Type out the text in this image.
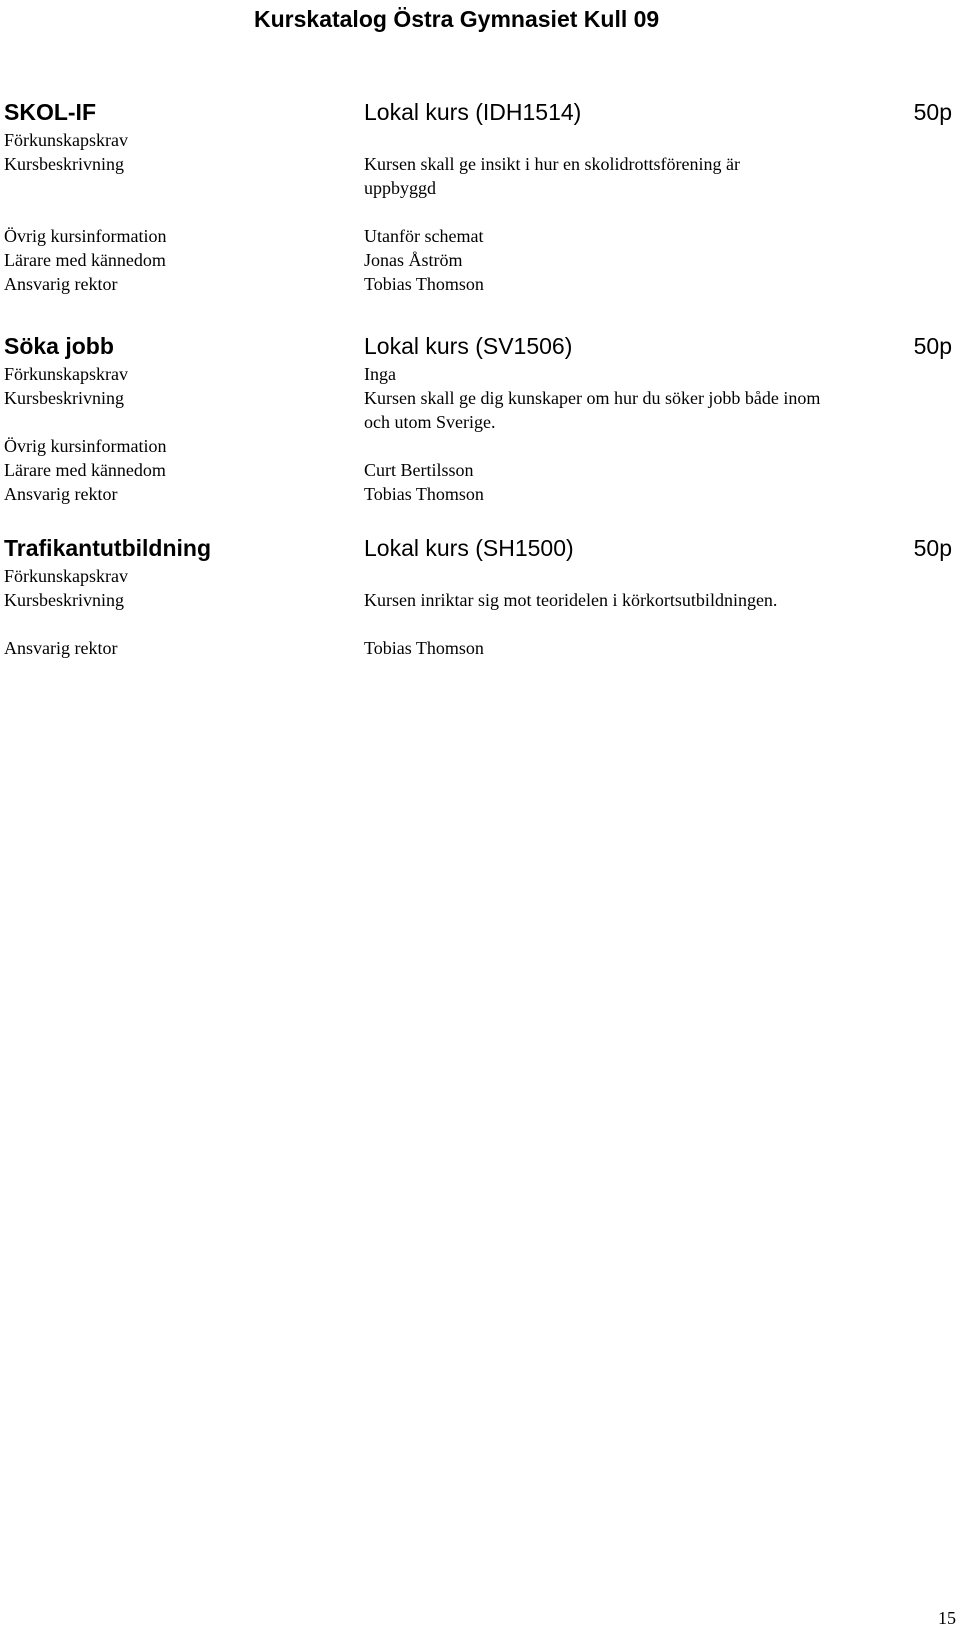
Kurskatalog Östra Gymnasiet Kull 09
SKOL-IF	Lokal kurs (IDH1514)	50p
Förkunskapskrav
Kursbeskrivning	Kursen skall ge insikt i hur en skolidrottsförening är uppbyggd
Övrig kursinformation	Utanför schemat
Lärare med kännedom	Jonas Åström
Ansvarig rektor	Tobias Thomson
Söka jobb	Lokal kurs (SV1506)	50p
Förkunskapskrav	Inga
Kursbeskrivning	Kursen skall ge dig kunskaper om hur du söker jobb både inom och utom Sverige.
Övrig kursinformation
Lärare med kännedom	Curt Bertilsson
Ansvarig rektor	Tobias Thomson
Trafikantutbildning	Lokal kurs (SH1500)	50p
Förkunskapskrav
Kursbeskrivning	Kursen inriktar sig mot teoridelen i körkortsutbildningen.
Ansvarig rektor	Tobias Thomson
15
